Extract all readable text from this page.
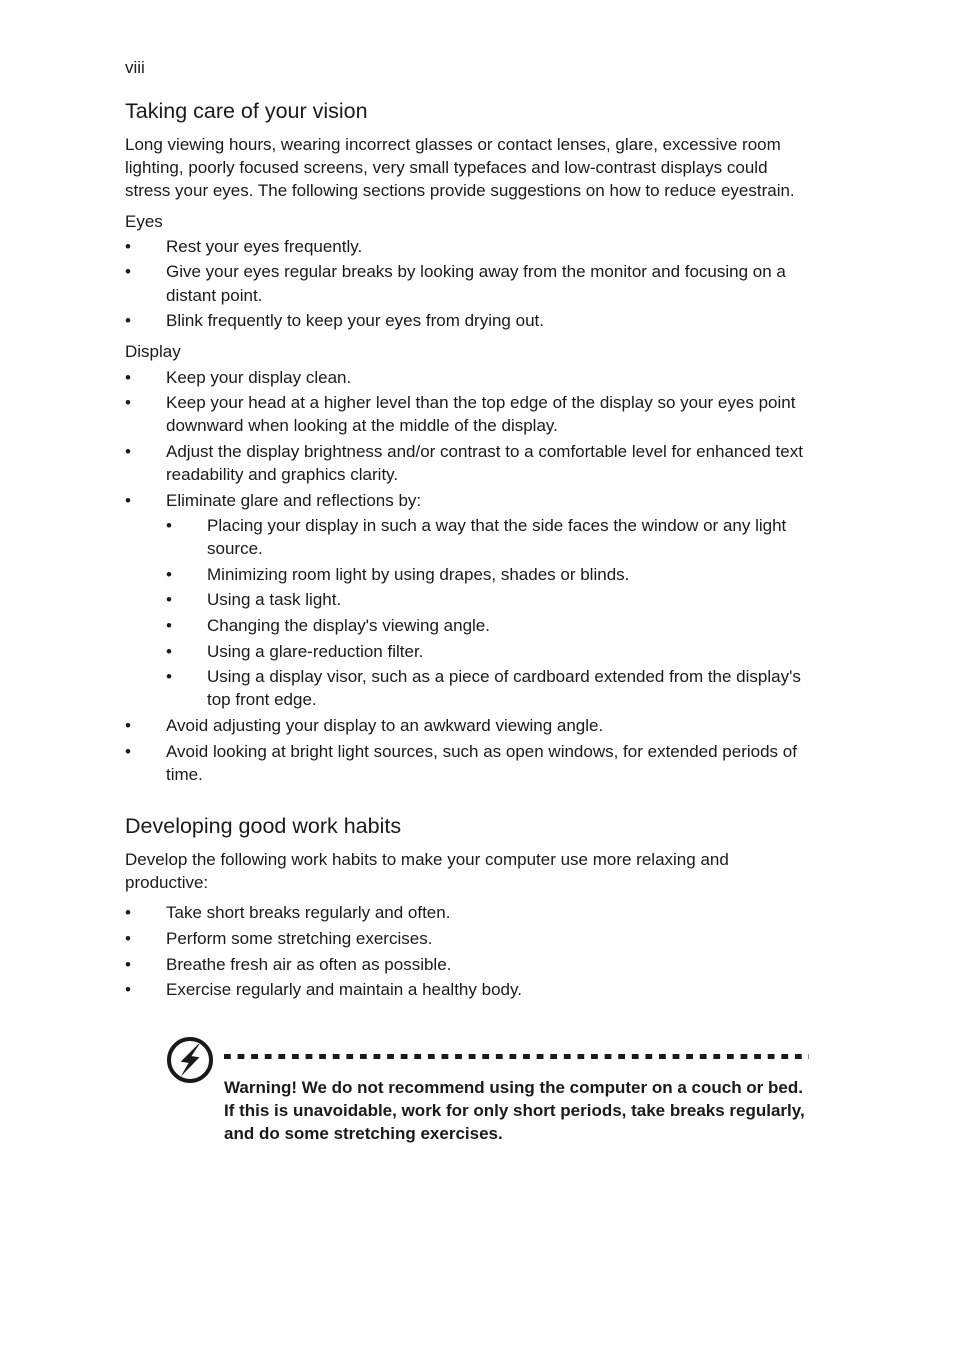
viii
Taking care of your vision

Long viewing hours, wearing incorrect glasses or contact lenses, glare, excessive room lighting, poorly focused screens, very small typefaces and low-contrast displays could stress your eyes. The following sections provide suggestions on how to reduce eyestrain.

Eyes
• Rest your eyes frequently.
• Give your eyes regular breaks by looking away from the monitor and focusing on a distant point.
• Blink frequently to keep your eyes from drying out.
Display
• Keep your display clean.
• Keep your head at a higher level than the top edge of the display so your eyes point downward when looking at the middle of the display.
• Adjust the display brightness and/or contrast to a comfortable level for enhanced text readability and graphics clarity.
• Eliminate glare and reflections by:
• Placing your display in such a way that the side faces the window or any light source.
• Minimizing room light by using drapes, shades or blinds.
• Using a task light.
• Changing the display's viewing angle.
• Using a glare-reduction filter.
• Using a display visor, such as a piece of cardboard extended from the display's top front edge.
• Avoid adjusting your display to an awkward viewing angle.
• Avoid looking at bright light sources, such as open windows, for extended periods of time.
Developing good work habits

Develop the following work habits to make your computer use more relaxing and productive:

• Take short breaks regularly and often.
• Perform some stretching exercises.
• Breathe fresh air as often as possible.
• Exercise regularly and maintain a healthy body.
Warning! We do not recommend using the computer on a couch or bed. If this is unavoidable, work for only short periods, take breaks regularly, and do some stretching exercises.
